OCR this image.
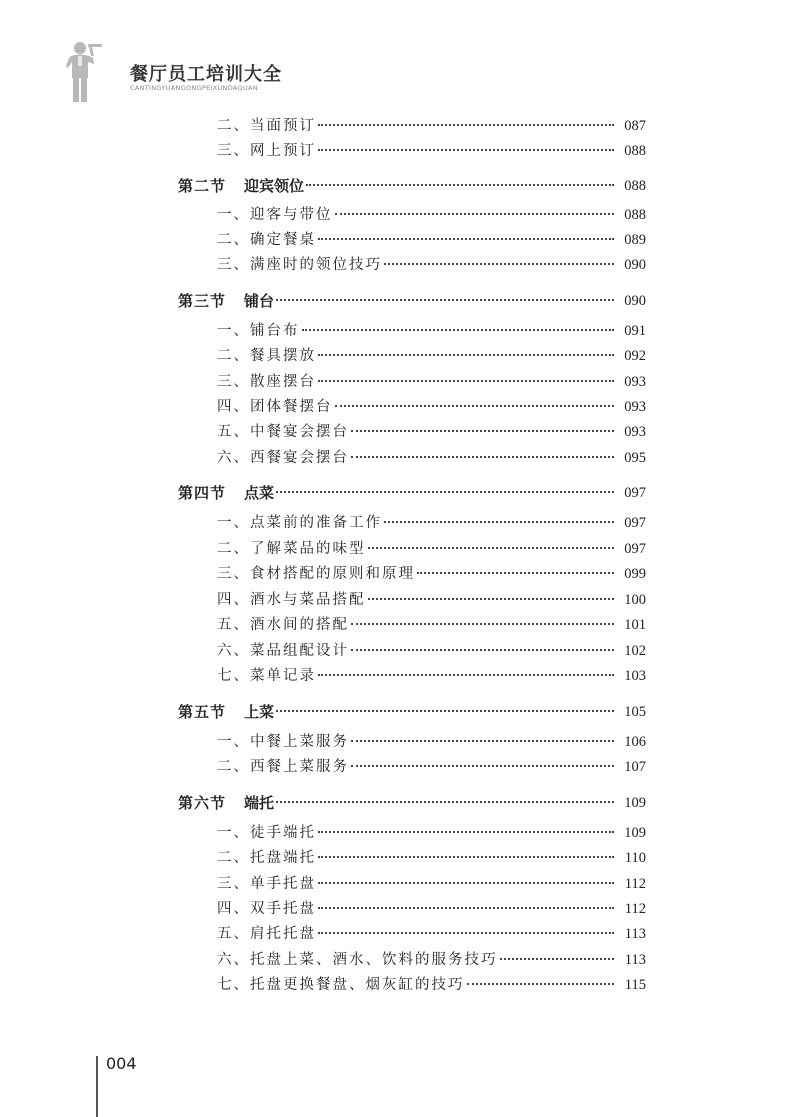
餐厅员工培训大全
CANTINGYUANGONGPEIXUNDAQUAN
二、当面预订	087
三、网上预订	088
第二节 迎宾领位	088
一、迎客与带位	088
二、确定餐桌	089
三、满座时的领位技巧	090
第三节 铺台	090
一、铺台布	091
二、餐具摆放	092
三、散座摆台	093
四、团体餐摆台	093
五、中餐宴会摆台	093
六、西餐宴会摆台	095
第四节 点菜	097
一、点菜前的准备工作	097
二、了解菜品的味型	097
三、食材搭配的原则和原理	099
四、酒水与菜品搭配	100
五、酒水间的搭配	101
六、菜品组配设计	102
七、菜单记录	103
第五节 上菜	105
一、中餐上菜服务	106
二、西餐上菜服务	107
第六节 端托	109
一、徒手端托	109
二、托盘端托	110
三、单手托盘	112
四、双手托盘	112
五、肩托托盘	113
六、托盘上菜、酒水、饮料的服务技巧	113
七、托盘更换餐盘、烟灰缸的技巧	115
004
